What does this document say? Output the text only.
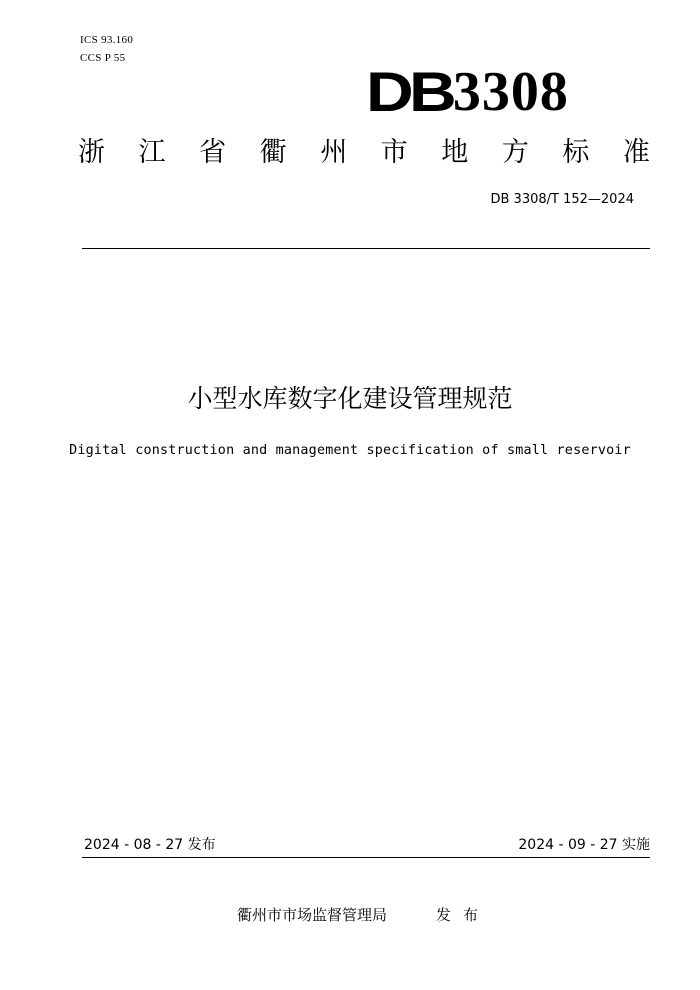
ICS 93.160
CCS P 55
DB 3308
浙 江 省 衢 州 市 地 方 标 准
DB 3308/T 152—2024
小型水库数字化建设管理规范
Digital construction and management specification of small reservoir
2024 - 08 - 27 发布	2024 - 09 - 27 实施
衢州市市场监督管理局	发布
